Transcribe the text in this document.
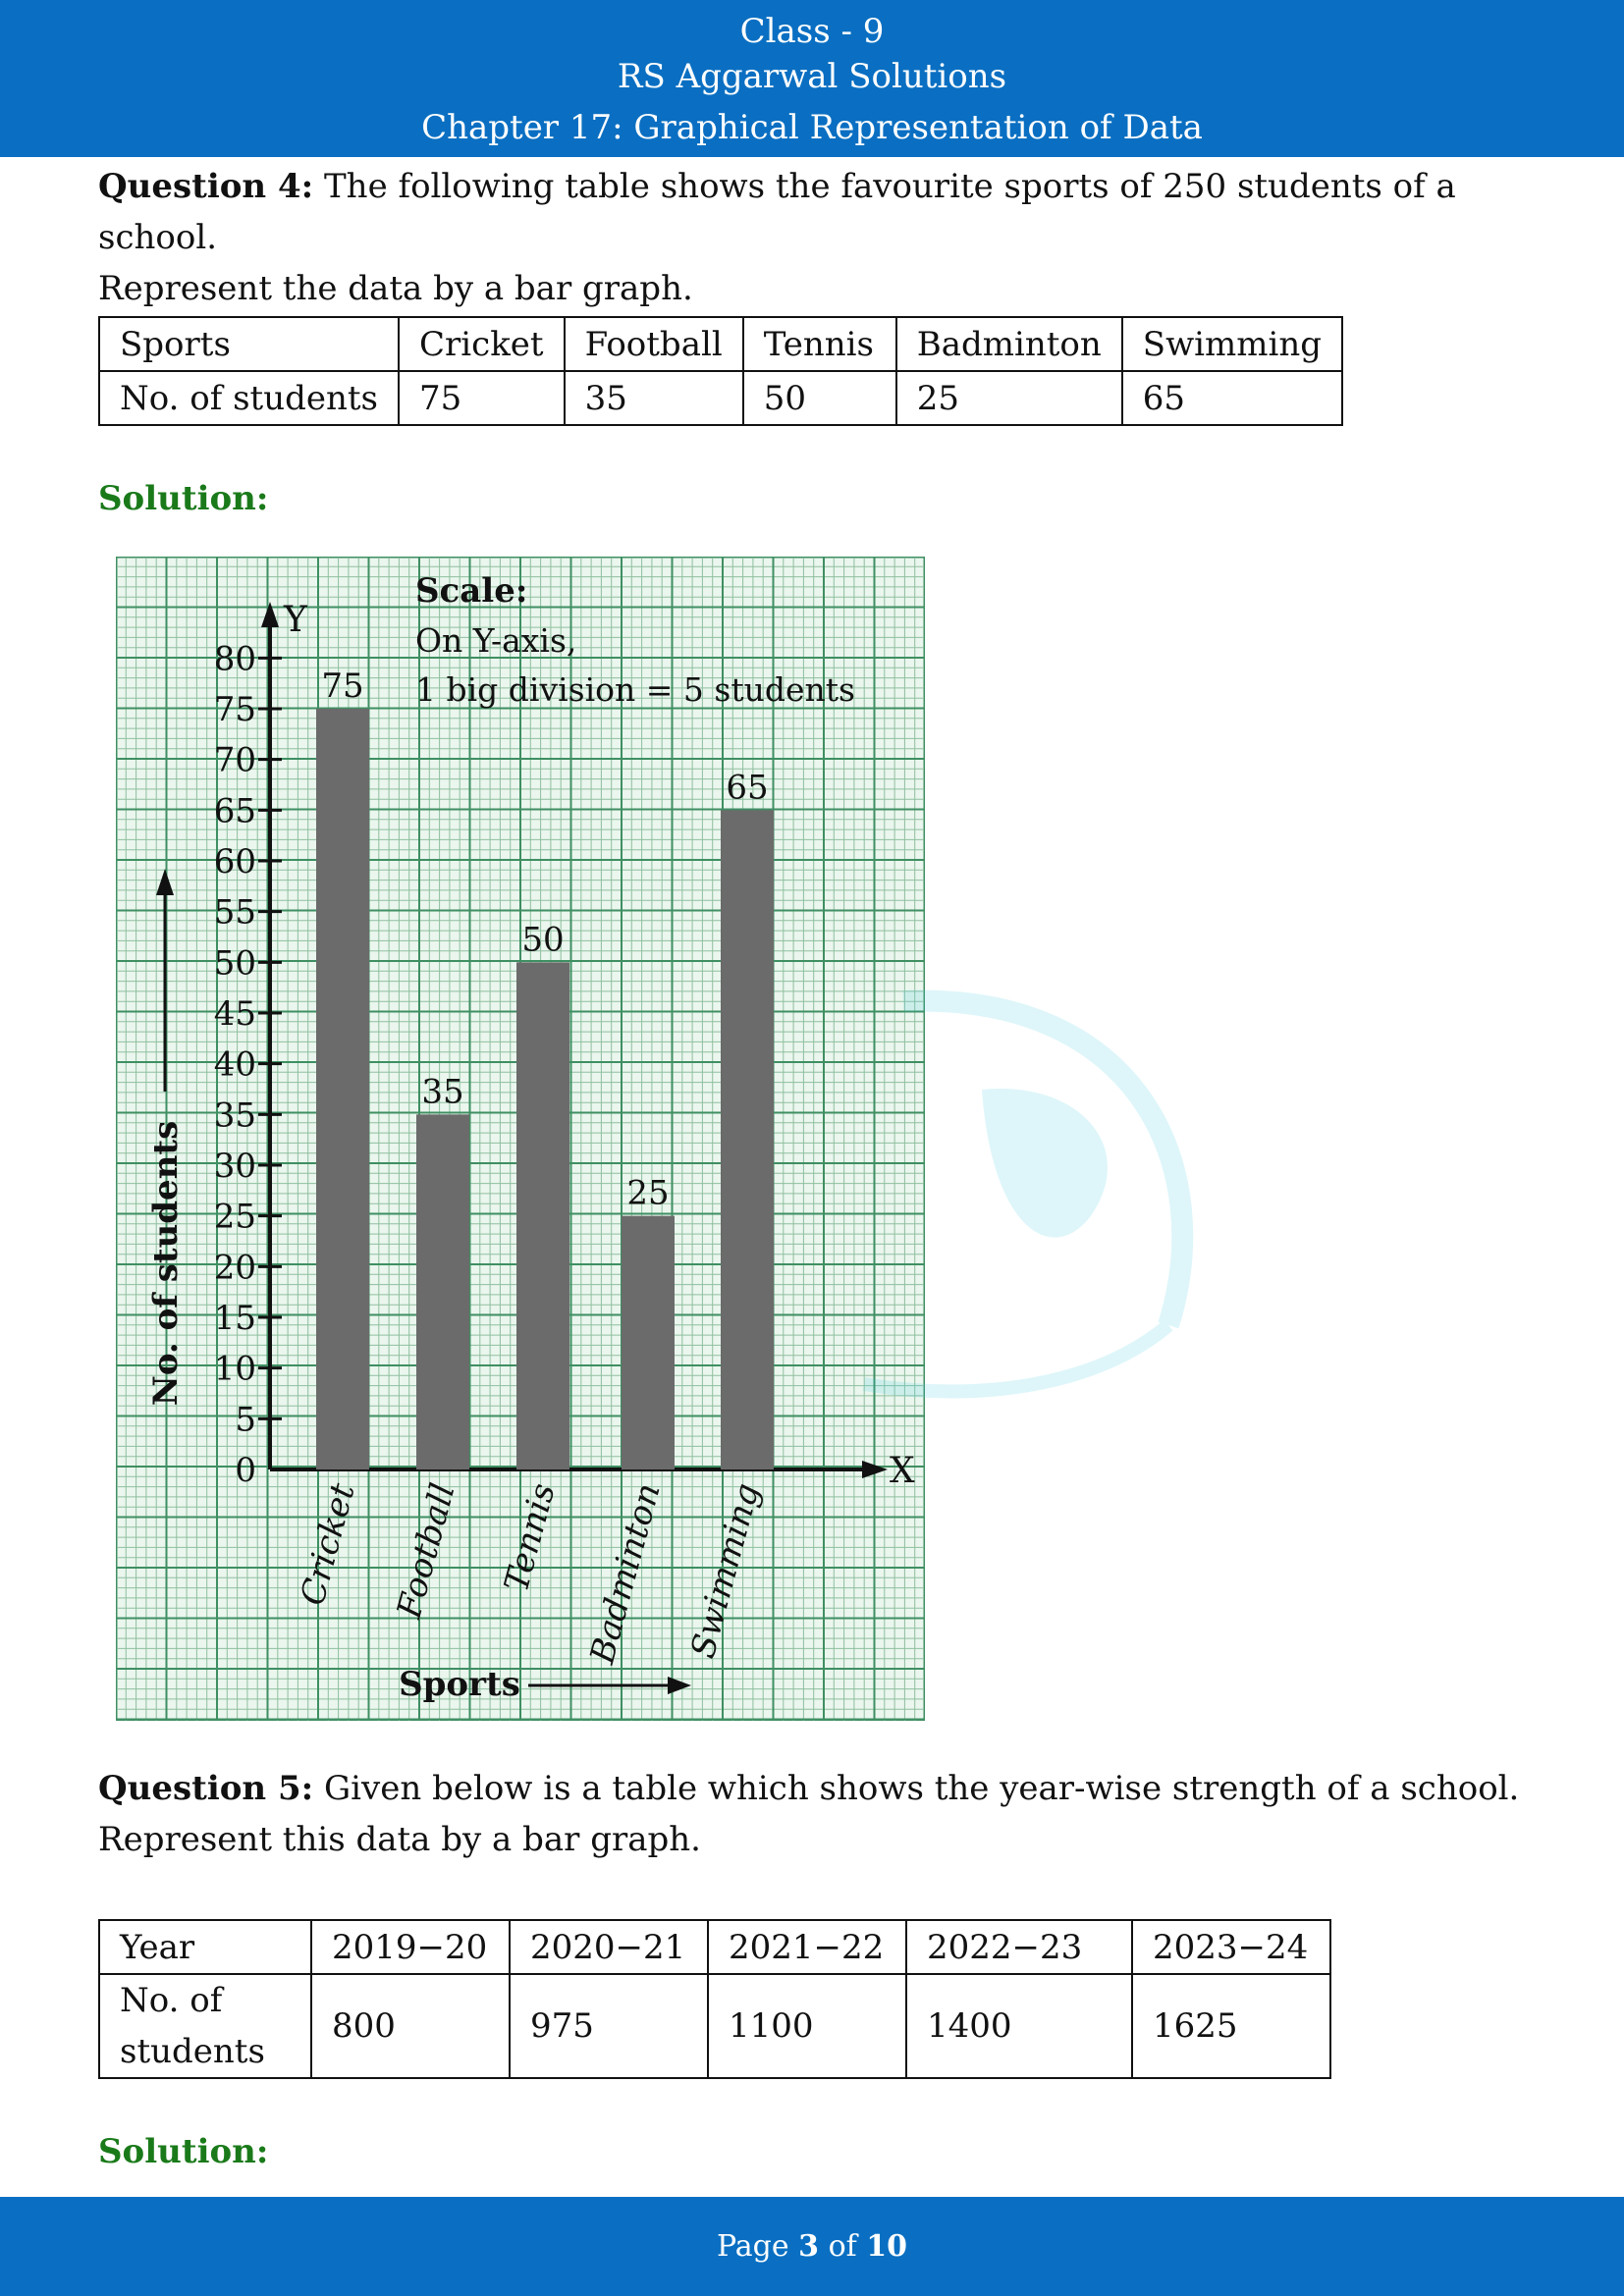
Class - 9
RS Aggarwal Solutions
Chapter 17: Graphical Representation of Data
Question 4: The following table shows the favourite sports of 250 students of a school.
Represent the data by a bar graph.
Sports	Cricket	Football	Tennis	Badminton	Swimming
No. of students	75	35	50	25	65
Solution:
Y
X
0
5
10
15
20
25
30
35
40
45
50
55
60
65
70
75
80
75
Cricket
35
Football
50
Tennis
25
Badminton
65
Swimming
No. of students
Sports
Scale:
On Y-axis,
1 big division = 5 students
Question 5: Given below is a table which shows the year-wise strength of a school.
Represent this data by a bar graph.
Year	2019−20	2020−21	2021−22	2022−23	2023−24
No. of
students	800	975	1100	1400	1625
Solution:
Page 3 of 10
